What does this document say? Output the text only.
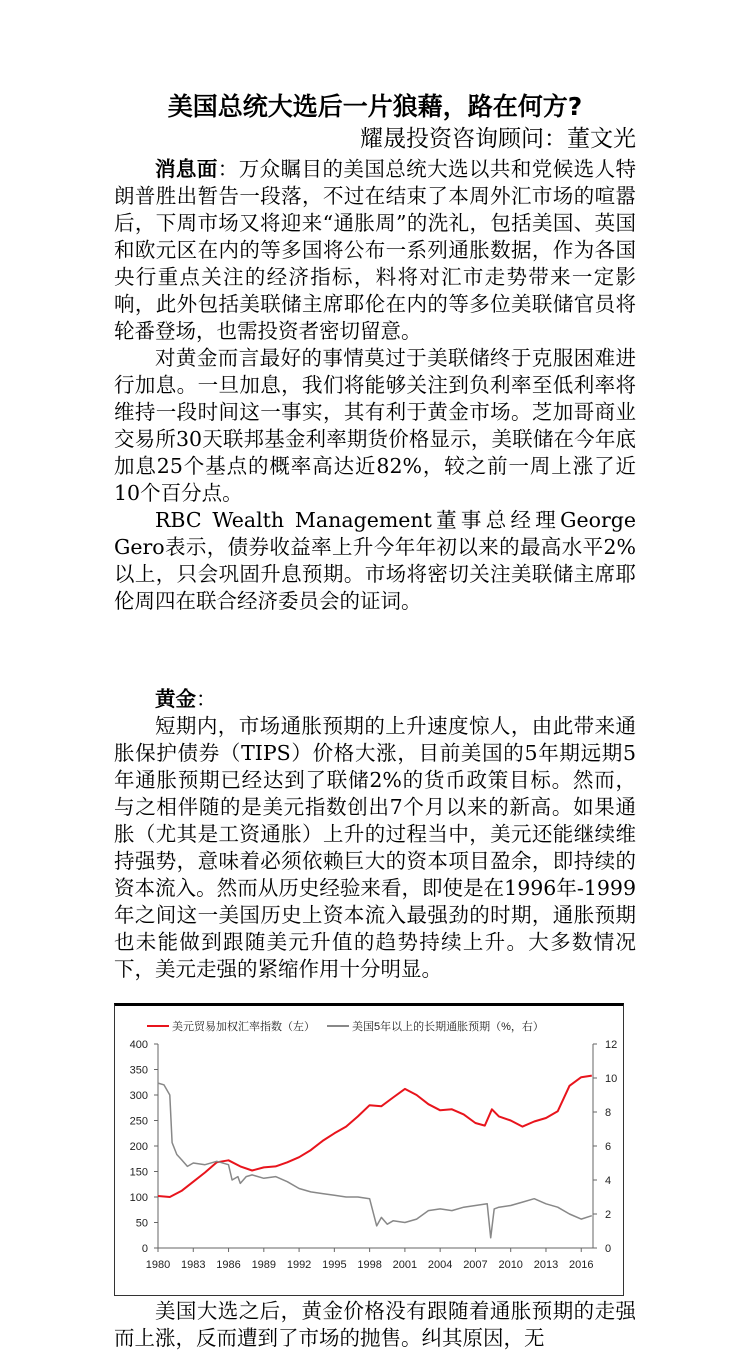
美国总统大选后一片狼藉，路在何方?
耀晟投资咨询顾问：董文光

消息面：万众瞩目的美国总统大选以共和党候选人特朗普胜出暂告一段落，不过在结束了本周外汇市场的喧嚣后，下周市场又将迎来“通胀周”的洗礼，包括美国、英国和欧元区在内的等多国将公布一系列通胀数据，作为各国央行重点关注的经济指标，料将对汇市走势带来一定影响，此外包括美联储主席耶伦在内的等多位美联储官员将轮番登场，也需投资者密切留意。

对黄金而言最好的事情莫过于美联储终于克服困难进行加息。一旦加息，我们将能够关注到负利率至低利率将维持一段时间这一事实，其有利于黄金市场。芝加哥商业交易所30天联邦基金利率期货价格显示，美联储在今年底加息25个基点的概率高达近82%，较之前一周上涨了近10个百分点。

RBC Wealth Management董事总经理George Gero表示，债券收益率上升今年年初以来的最高水平2%以上，只会巩固升息预期。市场将密切关注美联储主席耶伦周四在联合经济委员会的证词。

黄金：

短期内，市场通胀预期的上升速度惊人，由此带来通胀保护债券（TIPS）价格大涨，目前美国的5年期远期5年通胀预期已经达到了联储2%的货币政策目标。然而，与之相伴随的是美元指数创出7个月以来的新高。如果通胀（尤其是工资通胀）上升的过程当中，美元还能继续维持强势，意味着必须依赖巨大的资本项目盈余，即持续的资本流入。然而从历史经验来看，即使是在1996年-1999年之间这一美国历史上资本流入最强劲的时期，通胀预期也未能做到跟随美元升值的趋势持续上升。大多数情况下，美元走强的紧缩作用十分明显。

0
50
100
150
200
250
300
350
400
0
2
4
6
8
10
12
1980 1983 1986 1989 1992 1995 1998 2001 2004 2007 2010 2013 2016
美元贸易加权汇率指数（左）	美国5年以上的长期通胀预期（%，右）

美国大选之后，黄金价格没有跟随着通胀预期的走强而上涨，反而遭到了市场的抛售。纠其原因，无
